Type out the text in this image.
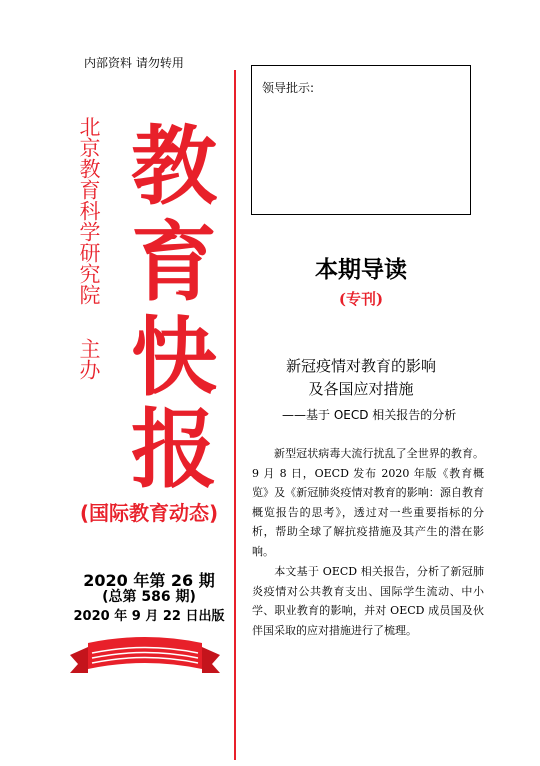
内部资料 请勿转用
北京教育科学研究院
主办
教
育
快
报
(国际教育动态)
2020 年第 26 期
(总第 586 期)
2020 年 9 月 22 日出版
领导批示:
本期导读
(专刊)
新冠疫情对教育的影响
及各国应对措施
——基于 OECD 相关报告的分析
新型冠状病毒大流行扰乱了全世界的教育。9 月 8 日，OECD 发布 2020 年版《教育概览》及《新冠肺炎疫情对教育的影响：源自教育概览报告的思考》，透过对一些重要指标的分析，帮助全球了解抗疫措施及其产生的潜在影响。
本文基于 OECD 相关报告，分析了新冠肺炎疫情对公共教育支出、国际学生流动、中小学、职业教育的影响，并对 OECD 成员国及伙伴国采取的应对措施进行了梳理。
